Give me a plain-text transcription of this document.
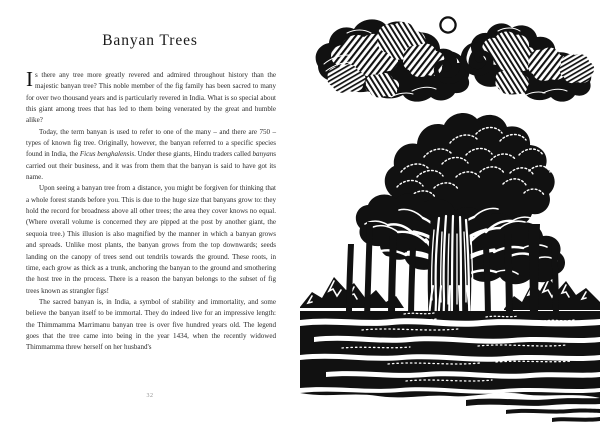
Banyan Trees

Is there any tree more greatly revered and admired throughout history than the majestic banyan tree? This noble member of the fig family has been sacred to many for over two thousand years and is particularly revered in India. What is so special about this giant among trees that has led to them being venerated by the great and humble alike?

Today, the term banyan is used to refer to one of the many – and there are 750 – types of known fig tree. Originally, however, the banyan referred to a specific species found in India, the Ficus benghalensis. Under these giants, Hindu traders called banyans carried out their business, and it was from them that the banyan is said to have got its name.

Upon seeing a banyan tree from a distance, you might be forgiven for thinking that a whole forest stands before you. This is due to the huge size that banyans grow to: they hold the record for broadness above all other trees; the area they cover knows no equal. (Where overall volume is concerned they are pipped at the post by another giant, the sequoia tree.) This illusion is also magnified by the manner in which a banyan grows and spreads. Unlike most plants, the banyan grows from the top downwards; seeds landing on the canopy of trees send out tendrils towards the ground. These roots, in time, each grow as thick as a trunk, anchoring the banyan to the ground and smothering the host tree in the process. There is a reason the banyan belongs to the subset of fig trees known as strangler figs!

The sacred banyan is, in India, a symbol of stability and immortality, and some believe the banyan itself to be immortal. They do indeed live for an impressive length: the Thimmamma Marrimanu banyan tree is over five hundred years old. The legend goes that the tree came into being in the year 1434, when the recently widowed Thimmamma threw herself on her husband's

32
